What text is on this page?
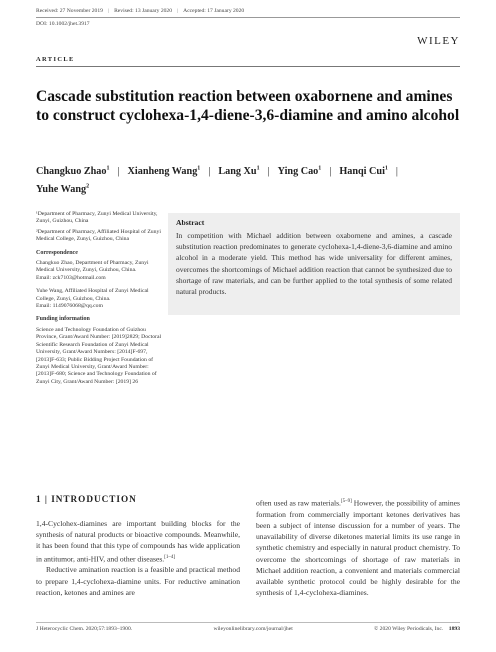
Received: 27 November 2019 | Revised: 13 January 2020 | Accepted: 17 January 2020
DOI: 10.1002/jhet.3917
WILEY
ARTICLE
Cascade substitution reaction between oxabornene and amines to construct cyclohexa-1,4-diene-3,6-diamine and amino alcohol
Changkuo Zhao$^1$ | Xianheng Wang$^1$ | Lang Xu$^1$ | Ying Cao$^1$ | Hanqi Cui$^1$ |
Yuhe Wang$^2$

¹Department of Pharmacy, Zunyi Medical University, Zunyi, Guizhou, China

²Department of Pharmacy, Affiliated Hospital of Zunyi Medical College, Zunyi, Guizhou, China

Correspondence

Changkuo Zhao, Department of Pharmacy, Zunyi Medical University, Zunyi, Guizhou, China.
Email: zck7103@hotmail.com

Yuhe Wang, Affiliated Hospital of Zunyi Medical College, Zunyi, Guizhou, China.
Email: 1149076068@qq.com

Funding information

Science and Technology Foundation of Guizhou Province, Grant/Award Number: [2019]2829; Doctoral Scientific Research Foundation of Zunyi Medical University, Grant/Award Numbers: [2014]F-697, [2013]F-633; Public Bidding Project Foundation of Zunyi Medical University, Grant/Award Number: [2013]F-680; Science and Technology Foundation of Zunyi City, Grant/Award Number: [2019] 26

Abstract
In competition with Michael addition between oxabornene and amines, a cascade substitution reaction predominates to generate cyclohexa-1,4-diene-3,6-diamine and amino alcohol in a moderate yield. This method has wide universality for different amines, overcomes the shortcomings of Michael addition reaction that cannot be synthesized due to shortage of raw materials, and can be further applied to the total synthesis of some related natural products.
1 | INTRODUCTION

1,4-Cyclohex-diamines are important building blocks for the synthesis of natural products or bioactive compounds. Meanwhile, it has been found that this type of compounds has wide application in antitumor, anti-HIV, and other diseases.[1–4]

Reductive amination reaction is a feasible and practical method to prepare 1,4-cyclohexa-diamine units. For reductive amination reaction, ketones and amines are

often used as raw materials.[5–9] However, the possibility of amines formation from commercially important ketones derivatives has been a subject of intense discussion for a number of years. The unavailability of diverse diketones material limits its use range in synthetic chemistry and especially in natural product chemistry. To overcome the shortcomings of shortage of raw materials in Michael addition reaction, a convenient and materials commercial available synthetic protocol could be highly desirable for the synthesis of 1,4-cyclohexa-diamines.

J Heterocyclic Chem. 2020;57:1893–1900.	wileyonlinelibrary.com/journal/jhet	© 2020 Wiley Periodicals, Inc. 1893
